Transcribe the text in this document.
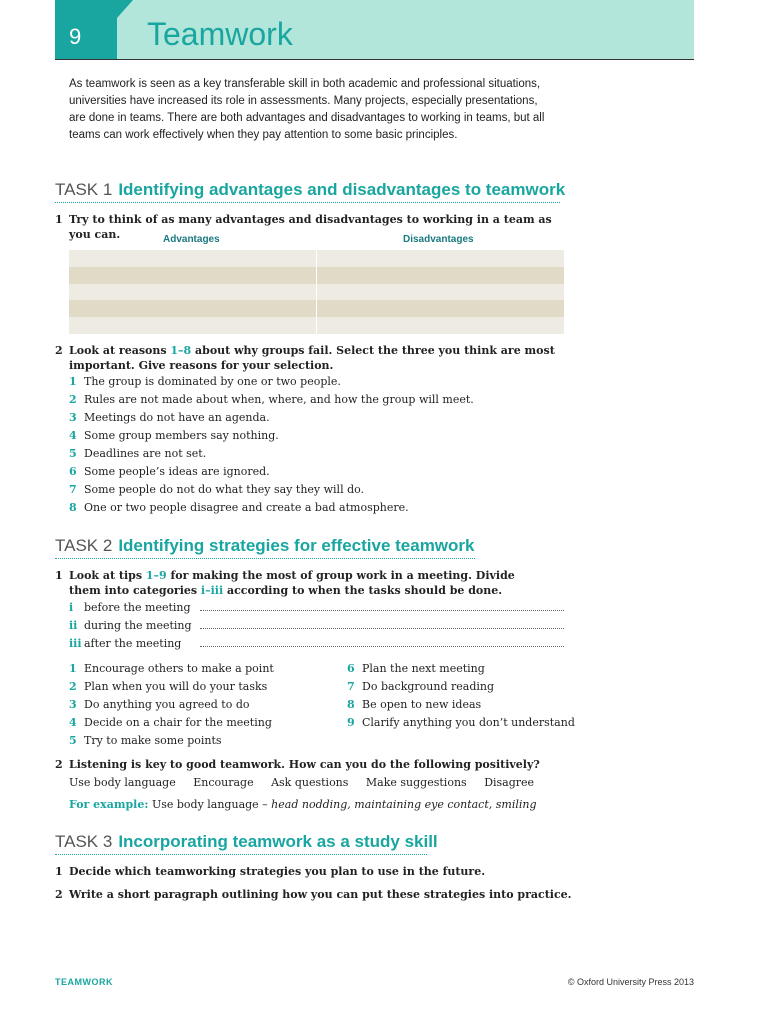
9	Teamwork

As teamwork is seen as a key transferable skill in both academic and professional situations, universities have increased its role in assessments. Many projects, especially presentations, are done in teams. There are both advantages and disadvantages to working in teams, but all teams can work effectively when they pay attention to some basic principles.

TASK 1 Identifying advantages and disadvantages to teamwork
1 Try to think of as many advantages and disadvantages to working in a team as you can.	Advantages	Disadvantages
2 Look at reasons 1–8 about why groups fail. Select the three you think are most important. Give reasons for your selection.
1 The group is dominated by one or two people.
2 Rules are not made about when, where, and how the group will meet.
3 Meetings do not have an agenda.
4 Some group members say nothing.
5 Deadlines are not set.
6 Some people’s ideas are ignored.
7 Some people do not do what they say they will do.
8 One or two people disagree and create a bad atmosphere.
TASK 2 Identifying strategies for effective teamwork
1 Look at tips 1–9 for making the most of group work in a meeting. Divide them into categories i–iii according to when the tasks should be done.
i before the meeting
ii during the meeting
iii after the meeting
1 Encourage others to make a point
2 Plan when you will do your tasks
3 Do anything you agreed to do
4 Decide on a chair for the meeting
5 Try to make some points
6 Plan the next meeting
7 Do background reading
8 Be open to new ideas
9 Clarify anything you don’t understand
2 Listening is key to good teamwork. How can you do the following positively?
Use body language Encourage Ask questions Make suggestions Disagree
For example: Use body language – head nodding, maintaining eye contact, smiling
TASK 3 Incorporating teamwork as a study skill
1 Decide which teamworking strategies you plan to use in the future.
2 Write a short paragraph outlining how you can put these strategies into practice.
TEAMWORK	© Oxford University Press 2013
